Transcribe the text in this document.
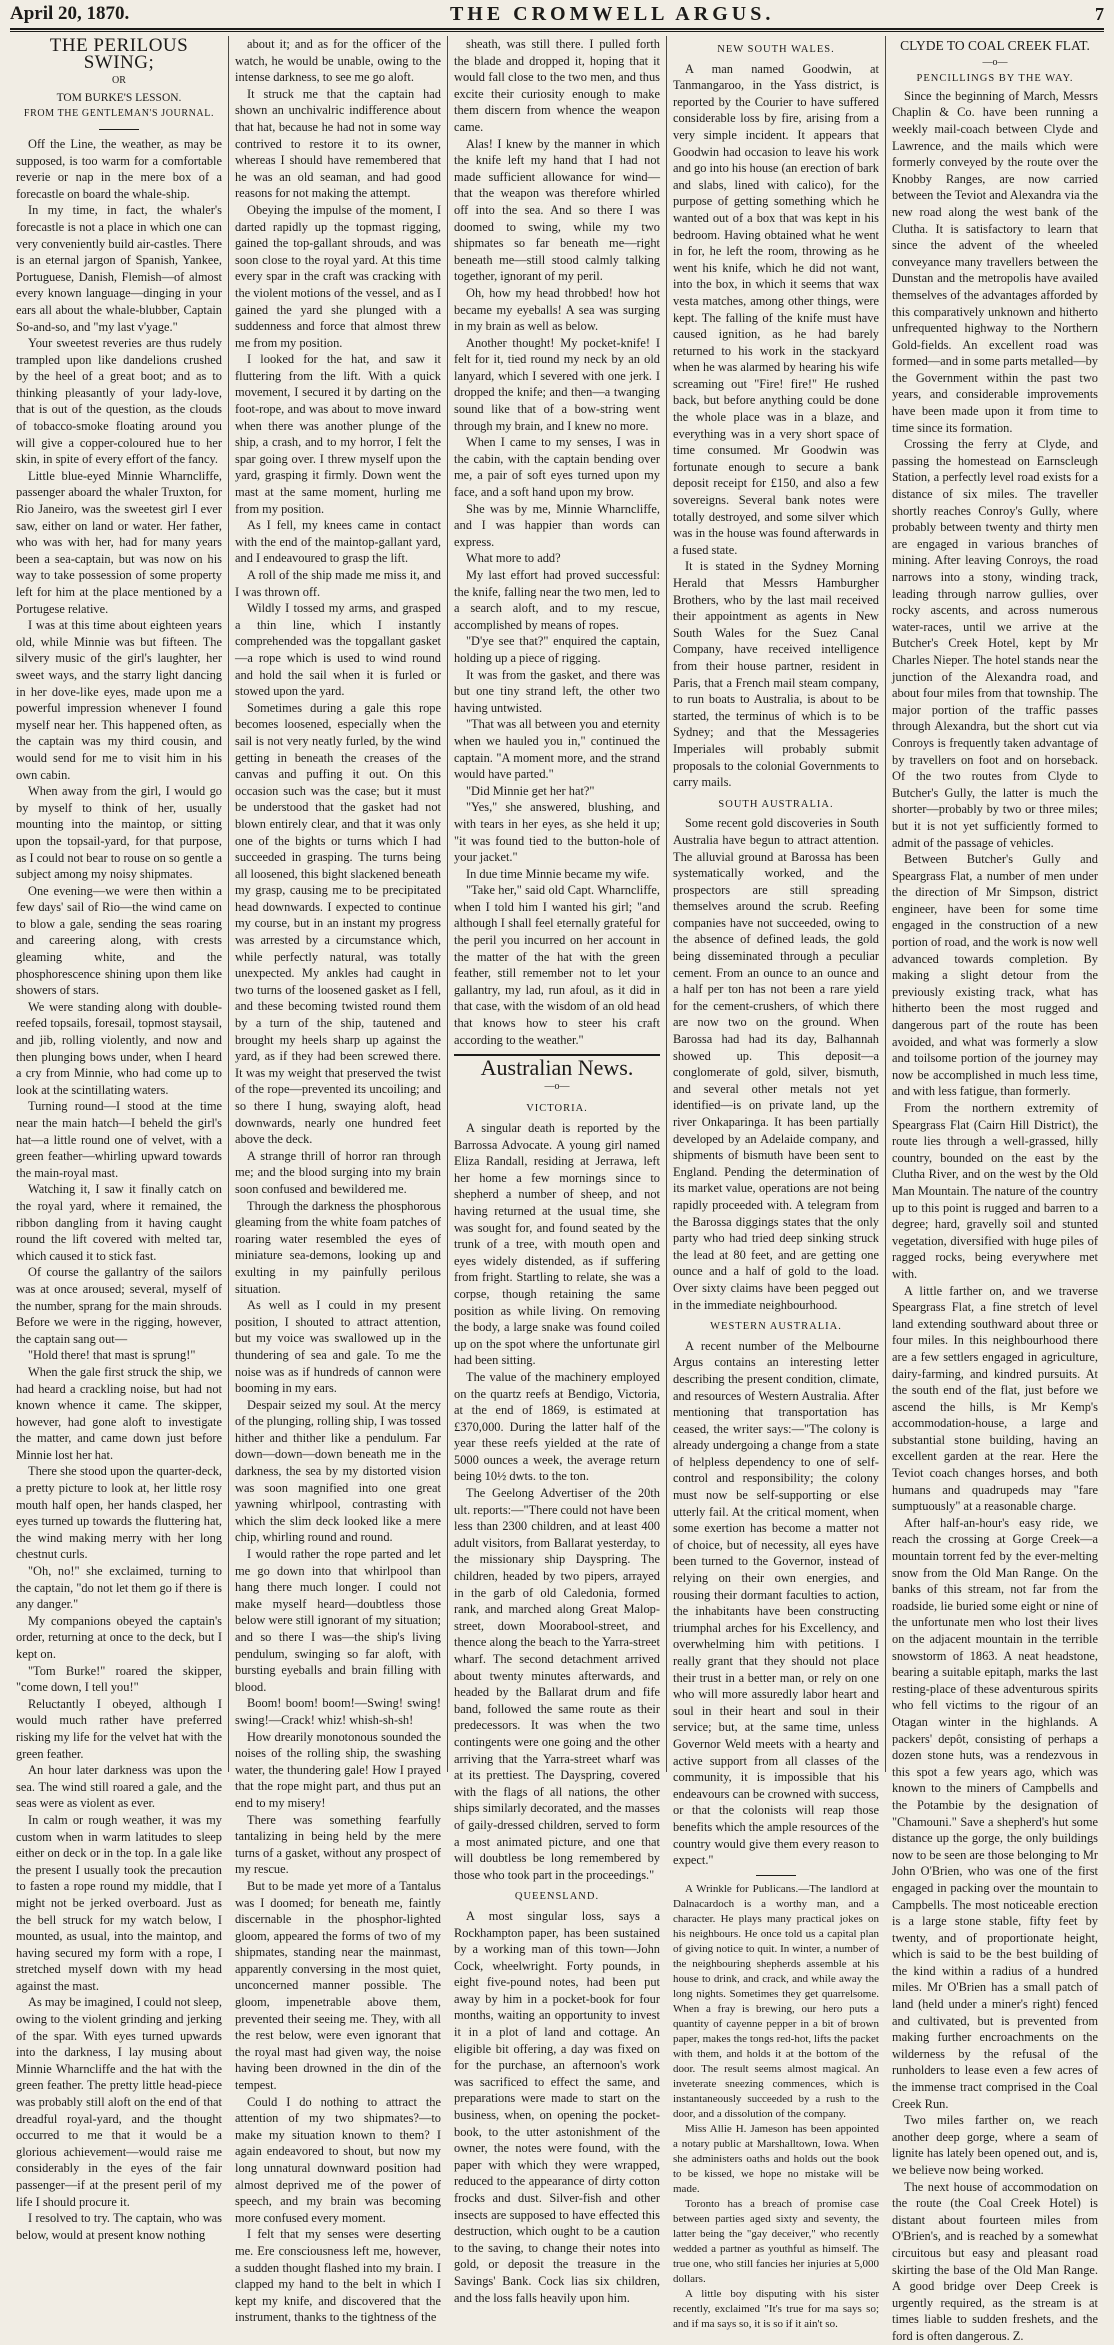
April 20, 1870.	THE CROMWELL ARGUS.	7
THE PERILOUS SWING;

OR

TOM BURKE'S LESSON.

FROM THE GENTLEMAN'S JOURNAL.

Off the Line, the weather, as may be supposed, is too warm for a comfortable reverie or nap in the mere box of a forecastle on board the whale-ship.

In my time, in fact, the whaler's forecastle is not a place in which one can very conveniently build air-castles. There is an eternal jargon of Spanish, Yankee, Portuguese, Danish, Flemish—of almost every known language—dinging in your ears all about the whale-blubber, Captain So-and-so, and "my last v'yage."

Your sweetest reveries are thus rudely trampled upon like dandelions crushed by the heel of a great boot; and as to thinking pleasantly of your lady-love, that is out of the question, as the clouds of tobacco-smoke floating around you will give a copper-coloured hue to her skin, in spite of every effort of the fancy.

Little blue-eyed Minnie Wharncliffe, passenger aboard the whaler Truxton, for Rio Janeiro, was the sweetest girl I ever saw, either on land or water. Her father, who was with her, had for many years been a sea-captain, but was now on his way to take possession of some property left for him at the place mentioned by a Portugese relative.

I was at this time about eighteen years old, while Minnie was but fifteen. The silvery music of the girl's laughter, her sweet ways, and the starry light dancing in her dove-like eyes, made upon me a powerful impression whenever I found myself near her. This happened often, as the captain was my third cousin, and would send for me to visit him in his own cabin.

When away from the girl, I would go by myself to think of her, usually mounting into the maintop, or sitting upon the topsail-yard, for that purpose, as I could not bear to rouse on so gentle a subject among my noisy shipmates.

One evening—we were then within a few days' sail of Rio—the wind came on to blow a gale, sending the seas roaring and careering along, with crests gleaming white, and the phosphorescence shining upon them like showers of stars.

We were standing along with double-reefed topsails, foresail, topmost staysail, and jib, rolling violently, and now and then plunging bows under, when I heard a cry from Minnie, who had come up to look at the scintillating waters.

Turning round—I stood at the time near the main hatch—I beheld the girl's hat—a little round one of velvet, with a green feather—whirling upward towards the main-royal mast.

Watching it, I saw it finally catch on the royal yard, where it remained, the ribbon dangling from it having caught round the lift covered with melted tar, which caused it to stick fast.

Of course the gallantry of the sailors was at once aroused; several, myself of the number, sprang for the main shrouds. Before we were in the rigging, however, the captain sang out—

"Hold there! that mast is sprung!"

When the gale first struck the ship, we had heard a crackling noise, but had not known whence it came. The skipper, however, had gone aloft to investigate the matter, and came down just before Minnie lost her hat.

There she stood upon the quarter-deck, a pretty picture to look at, her little rosy mouth half open, her hands clasped, her eyes turned up towards the fluttering hat, the wind making merry with her long chestnut curls.

"Oh, no!" she exclaimed, turning to the captain, "do not let them go if there is any danger."

My companions obeyed the captain's order, returning at once to the deck, but I kept on.

"Tom Burke!" roared the skipper, "come down, I tell you!"

Reluctantly I obeyed, although I would much rather have preferred risking my life for the velvet hat with the green feather.

An hour later darkness was upon the sea. The wind still roared a gale, and the seas were as violent as ever.

In calm or rough weather, it was my custom when in warm latitudes to sleep either on deck or in the top. In a gale like the present I usually took the precaution to fasten a rope round my middle, that I might not be jerked overboard. Just as the bell struck for my watch below, I mounted, as usual, into the maintop, and having secured my form with a rope, I stretched myself down with my head against the mast.

As may be imagined, I could not sleep, owing to the violent grinding and jerking of the spar. With eyes turned upwards into the darkness, I lay musing about Minnie Wharncliffe and the hat with the green feather. The pretty little head-piece was probably still aloft on the end of that dreadful royal-yard, and the thought occurred to me that it would be a glorious achievement—would raise me considerably in the eyes of the fair passenger—if at the present peril of my life I should procure it.

I resolved to try. The captain, who was below, would at present know nothing

about it; and as for the officer of the watch, he would be unable, owing to the intense darkness, to see me go aloft.

It struck me that the captain had shown an unchivalric indifference about that hat, because he had not in some way contrived to restore it to its owner, whereas I should have remembered that he was an old seaman, and had good reasons for not making the attempt.

Obeying the impulse of the moment, I darted rapidly up the topmast rigging, gained the top-gallant shrouds, and was soon close to the royal yard. At this time every spar in the craft was cracking with the violent motions of the vessel, and as I gained the yard she plunged with a suddenness and force that almost threw me from my position.

I looked for the hat, and saw it fluttering from the lift. With a quick movement, I secured it by darting on the foot-rope, and was about to move inward when there was another plunge of the ship, a crash, and to my horror, I felt the spar going over. I threw myself upon the yard, grasping it firmly. Down went the mast at the same moment, hurling me from my position.

As I fell, my knees came in contact with the end of the maintop-gallant yard, and I endeavoured to grasp the lift.

A roll of the ship made me miss it, and I was thrown off.

Wildly I tossed my arms, and grasped a thin line, which I instantly comprehended was the topgallant gasket—a rope which is used to wind round and hold the sail when it is furled or stowed upon the yard.

Sometimes during a gale this rope becomes loosened, especially when the sail is not very neatly furled, by the wind getting in beneath the creases of the canvas and puffing it out. On this occasion such was the case; but it must be understood that the gasket had not blown entirely clear, and that it was only one of the bights or turns which I had succeeded in grasping. The turns being all loosened, this bight slackened beneath my grasp, causing me to be precipitated head downwards. I expected to continue my course, but in an instant my progress was arrested by a circumstance which, while perfectly natural, was totally unexpected. My ankles had caught in two turns of the loosened gasket as I fell, and these becoming twisted round them by a turn of the ship, tautened and brought my heels sharp up against the yard, as if they had been screwed there. It was my weight that preserved the twist of the rope—prevented its uncoiling; and so there I hung, swaying aloft, head downwards, nearly one hundred feet above the deck.

A strange thrill of horror ran through me; and the blood surging into my brain soon confused and bewildered me.

Through the darkness the phosphorous gleaming from the white foam patches of roaring water resembled the eyes of miniature sea-demons, looking up and exulting in my painfully perilous situation.

As well as I could in my present position, I shouted to attract attention, but my voice was swallowed up in the thundering of sea and gale. To me the noise was as if hundreds of cannon were booming in my ears.

Despair seized my soul. At the mercy of the plunging, rolling ship, I was tossed hither and thither like a pendulum. Far down—down—down beneath me in the darkness, the sea by my distorted vision was soon magnified into one great yawning whirlpool, contrasting with which the slim deck looked like a mere chip, whirling round and round.

I would rather the rope parted and let me go down into that whirlpool than hang there much longer. I could not make myself heard—doubtless those below were still ignorant of my situation; and so there I was—the ship's living pendulum, swinging so far aloft, with bursting eyeballs and brain filling with blood.

Boom! boom! boom!—Swing! swing! swing!—Crack! whiz! whish-sh-sh!

How drearily monotonous sounded the noises of the rolling ship, the swashing water, the thundering gale! How I prayed that the rope might part, and thus put an end to my misery!

There was something fearfully tantalizing in being held by the mere turns of a gasket, without any prospect of my rescue.

But to be made yet more of a Tantalus was I doomed; for beneath me, faintly discernable in the phosphor-lighted gloom, appeared the forms of two of my shipmates, standing near the mainmast, apparently conversing in the most quiet, unconcerned manner possible. The gloom, impenetrable above them, prevented their seeing me. They, with all the rest below, were even ignorant that the royal mast had given way, the noise having been drowned in the din of the tempest.

Could I do nothing to attract the attention of my two shipmates?—to make my situation known to them? I again endeavored to shout, but now my long unnatural downward position had almost deprived me of the power of speech, and my brain was becoming more confused every moment.

I felt that my senses were deserting me. Ere consciousness left me, however, a sudden thought flashed into my brain. I clapped my hand to the belt in which I kept my knife, and discovered that the instrument, thanks to the tightness of the

sheath, was still there. I pulled forth the blade and dropped it, hoping that it would fall close to the two men, and thus excite their curiosity enough to make them discern from whence the weapon came.

Alas! I knew by the manner in which the knife left my hand that I had not made sufficient allowance for wind—that the weapon was therefore whirled off into the sea. And so there I was doomed to swing, while my two shipmates so far beneath me—right beneath me—still stood calmly talking together, ignorant of my peril.

Oh, how my head throbbed! how hot became my eyeballs! A sea was surging in my brain as well as below.

Another thought! My pocket-knife! I felt for it, tied round my neck by an old lanyard, which I severed with one jerk. I dropped the knife; and then—a twanging sound like that of a bow-string went through my brain, and I knew no more.

When I came to my senses, I was in the cabin, with the captain bending over me, a pair of soft eyes turned upon my face, and a soft hand upon my brow.

She was by me, Minnie Wharncliffe, and I was happier than words can express.

What more to add?

My last effort had proved successful: the knife, falling near the two men, led to a search aloft, and to my rescue, accomplished by means of ropes.

"D'ye see that?" enquired the captain, holding up a piece of rigging.

It was from the gasket, and there was but one tiny strand left, the other two having untwisted.

"That was all between you and eternity when we hauled you in," continued the captain. "A moment more, and the strand would have parted."

"Did Minnie get her hat?"

"Yes," she answered, blushing, and with tears in her eyes, as she held it up; "it was found tied to the button-hole of your jacket."

In due time Minnie became my wife.

"Take her," said old Capt. Wharncliffe, when I told him I wanted his girl; "and although I shall feel eternally grateful for the peril you incurred on her account in the matter of the hat with the green feather, still remember not to let your gallantry, my lad, run afoul, as it did in that case, with the wisdom of an old head that knows how to steer his craft according to the weather."

Australian News.
—o—
VICTORIA.

A singular death is reported by the Barrossa Advocate. A young girl named Eliza Randall, residing at Jerrawa, left her home a few mornings since to shepherd a number of sheep, and not having returned at the usual time, she was sought for, and found seated by the trunk of a tree, with mouth open and eyes widely distended, as if suffering from fright. Startling to relate, she was a corpse, though retaining the same position as while living. On removing the body, a large snake was found coiled up on the spot where the unfortunate girl had been sitting.

The value of the machinery employed on the quartz reefs at Bendigo, Victoria, at the end of 1869, is estimated at £370,000. During the latter half of the year these reefs yielded at the rate of 5000 ounces a week, the average return being 10½ dwts. to the ton.

The Geelong Advertiser of the 20th ult. reports:—"There could not have been less than 2300 children, and at least 400 adult visitors, from Ballarat yesterday, to the missionary ship Dayspring. The children, headed by two pipers, arrayed in the garb of old Caledonia, formed rank, and marched along Great Malop-street, down Moorabool-street, and thence along the beach to the Yarra-street wharf. The second detachment arrived about twenty minutes afterwards, and headed by the Ballarat drum and fife band, followed the same route as their predecessors. It was when the two contingents were one going and the other arriving that the Yarra-street wharf was at its prettiest. The Dayspring, covered with the flags of all nations, the other ships similarly decorated, and the masses of gaily-dressed children, served to form a most animated picture, and one that will doubtless be long remembered by those who took part in the proceedings."

QUEENSLAND.

A most singular loss, says a Rockhampton paper, has been sustained by a working man of this town—John Cock, wheelwright. Forty pounds, in eight five-pound notes, had been put away by him in a pocket-book for four months, waiting an opportunity to invest it in a plot of land and cottage. An eligible bit offering, a day was fixed on for the purchase, an afternoon's work was sacrificed to effect the same, and preparations were made to start on the business, when, on opening the pocket-book, to the utter astonishment of the owner, the notes were found, with the paper with which they were wrapped, reduced to the appearance of dirty cotton frocks and dust. Silver-fish and other insects are supposed to have effected this destruction, which ought to be a caution to the saving, to change their notes into gold, or deposit the treasure in the Savings' Bank. Cock lias six children, and the loss falls heavily upon him.

NEW SOUTH WALES.

A man named Goodwin, at Tanmangaroo, in the Yass district, is reported by the Courier to have suffered considerable loss by fire, arising from a very simple incident. It appears that Goodwin had occasion to leave his work and go into his house (an erection of bark and slabs, lined with calico), for the purpose of getting something which he wanted out of a box that was kept in his bedroom. Having obtained what he went in for, he left the room, throwing as he went his knife, which he did not want, into the box, in which it seems that wax vesta matches, among other things, were kept. The falling of the knife must have caused ignition, as he had barely returned to his work in the stackyard when he was alarmed by hearing his wife screaming out "Fire! fire!" He rushed back, but before anything could be done the whole place was in a blaze, and everything was in a very short space of time consumed. Mr Goodwin was fortunate enough to secure a bank deposit receipt for £150, and also a few sovereigns. Several bank notes were totally destroyed, and some silver which was in the house was found afterwards in a fused state.

It is stated in the Sydney Morning Herald that Messrs Hamburgher Brothers, who by the last mail received their appointment as agents in New South Wales for the Suez Canal Company, have received intelligence from their house partner, resident in Paris, that a French mail steam company, to run boats to Australia, is about to be started, the terminus of which is to be Sydney; and that the Messageries Imperiales will probably submit proposals to the colonial Governments to carry mails.

SOUTH AUSTRALIA.

Some recent gold discoveries in South Australia have begun to attract attention. The alluvial ground at Barossa has been systematically worked, and the prospectors are still spreading themselves around the scrub. Reefing companies have not succeeded, owing to the absence of defined leads, the gold being disseminated through a peculiar cement. From an ounce to an ounce and a half per ton has not been a rare yield for the cement-crushers, of which there are now two on the ground. When Barossa had had its day, Balhannah showed up. This deposit—a conglomerate of gold, silver, bismuth, and several other metals not yet identified—is on private land, up the river Onkaparinga. It has been partially developed by an Adelaide company, and shipments of bismuth have been sent to England. Pending the determination of its market value, operations are not being rapidly proceeded with. A telegram from the Barossa diggings states that the only party who had tried deep sinking struck the lead at 80 feet, and are getting one ounce and a half of gold to the load. Over sixty claims have been pegged out in the immediate neighbourhood.

WESTERN AUSTRALIA.

A recent number of the Melbourne Argus contains an interesting letter describing the present condition, climate, and resources of Western Australia. After mentioning that transportation has ceased, the writer says:—"The colony is already undergoing a change from a state of helpless dependency to one of self-control and responsibility; the colony must now be self-supporting or else utterly fail. At the critical moment, when some exertion has become a matter not of choice, but of necessity, all eyes have been turned to the Governor, instead of relying on their own energies, and rousing their dormant faculties to action, the inhabitants have been constructing triumphal arches for his Excellency, and overwhelming him with petitions. I really grant that they should not place their trust in a better man, or rely on one who will more assuredly labor heart and soul in their heart and soul in their service; but, at the same time, unless Governor Weld meets with a hearty and active support from all classes of the community, it is impossible that his endeavours can be crowned with success, or that the colonists will reap those benefits which the ample resources of the country would give them every reason to expect."

A Wrinkle for Publicans.—The landlord at Dalnacardoch is a worthy man, and a character. He plays many practical jokes on his neighbours. He once told us a capital plan of giving notice to quit. In winter, a number of the neighbouring shepherds assemble at his house to drink, and crack, and while away the long nights. Sometimes they get quarrelsome. When a fray is brewing, our hero puts a quantity of cayenne pepper in a bit of brown paper, makes the tongs red-hot, lifts the packet with them, and holds it at the bottom of the door. The result seems almost magical. An inveterate sneezing commences, which is instantaneously succeeded by a rush to the door, and a dissolution of the company.

Miss Allie H. Jameson has been appointed a notary public at Marshalltown, Iowa. When she administers oaths and holds out the book to be kissed, we hope no mistake will be made.

Toronto has a breach of promise case between parties aged sixty and seventy, the latter being the "gay deceiver," who recently wedded a partner as youthful as himself. The true one, who still fancies her injuries at 5,000 dollars.

A little boy disputing with his sister recently, exclaimed "It's true for ma says so; and if ma says so, it is so if it ain't so.

CLYDE TO COAL CREEK FLAT.
—o—
PENCILLINGS BY THE WAY.

Since the beginning of March, Messrs Chaplin & Co. have been running a weekly mail-coach between Clyde and Lawrence, and the mails which were formerly conveyed by the route over the Knobby Ranges, are now carried between the Teviot and Alexandra via the new road along the west bank of the Clutha. It is satisfactory to learn that since the advent of the wheeled conveyance many travellers between the Dunstan and the metropolis have availed themselves of the advantages afforded by this comparatively unknown and hitherto unfrequented highway to the Northern Gold-fields. An excellent road was formed—and in some parts metalled—by the Government within the past two years, and considerable improvements have been made upon it from time to time since its formation.

Crossing the ferry at Clyde, and passing the homestead on Earnscleugh Station, a perfectly level road exists for a distance of six miles. The traveller shortly reaches Conroy's Gully, where probably between twenty and thirty men are engaged in various branches of mining. After leaving Conroys, the road narrows into a stony, winding track, leading through narrow gullies, over rocky ascents, and across numerous water-races, until we arrive at the Butcher's Creek Hotel, kept by Mr Charles Nieper. The hotel stands near the junction of the Alexandra road, and about four miles from that township. The major portion of the traffic passes through Alexandra, but the short cut via Conroys is frequently taken advantage of by travellers on foot and on horseback. Of the two routes from Clyde to Butcher's Gully, the latter is much the shorter—probably by two or three miles; but it is not yet sufficiently formed to admit of the passage of vehicles.

Between Butcher's Gully and Speargrass Flat, a number of men under the direction of Mr Simpson, district engineer, have been for some time engaged in the construction of a new portion of road, and the work is now well advanced towards completion. By making a slight detour from the previously existing track, what has hitherto been the most rugged and dangerous part of the route has been avoided, and what was formerly a slow and toilsome portion of the journey may now be accomplished in much less time, and with less fatigue, than formerly.

From the northern extremity of Speargrass Flat (Cairn Hill District), the route lies through a well-grassed, hilly country, bounded on the east by the Clutha River, and on the west by the Old Man Mountain. The nature of the country up to this point is rugged and barren to a degree; hard, gravelly soil and stunted vegetation, diversified with huge piles of ragged rocks, being everywhere met with.

A little farther on, and we traverse Speargrass Flat, a fine stretch of level land extending southward about three or four miles. In this neighbourhood there are a few settlers engaged in agriculture, dairy-farming, and kindred pursuits. At the south end of the flat, just before we ascend the hills, is Mr Kemp's accommodation-house, a large and substantial stone building, having an excellent garden at the rear. Here the Teviot coach changes horses, and both humans and quadrupeds may "fare sumptuously" at a reasonable charge.

After half-an-hour's easy ride, we reach the crossing at Gorge Creek—a mountain torrent fed by the ever-melting snow from the Old Man Range. On the banks of this stream, not far from the roadside, lie buried some eight or nine of the unfortunate men who lost their lives on the adjacent mountain in the terrible snowstorm of 1863. A neat headstone, bearing a suitable epitaph, marks the last resting-place of these adventurous spirits who fell victims to the rigour of an Otagan winter in the highlands. A packers' depôt, consisting of perhaps a dozen stone huts, was a rendezvous in this spot a few years ago, which was known to the miners of Campbells and the Potambie by the designation of "Chamouni." Save a shepherd's hut some distance up the gorge, the only buildings now to be seen are those belonging to Mr John O'Brien, who was one of the first engaged in packing over the mountain to Campbells. The most noticeable erection is a large stone stable, fifty feet by twenty, and of proportionate height, which is said to be the best building of the kind within a radius of a hundred miles. Mr O'Brien has a small patch of land (held under a miner's right) fenced and cultivated, but is prevented from making further encroachments on the wilderness by the refusal of the runholders to lease even a few acres of the immense tract comprised in the Coal Creek Run.

Two miles farther on, we reach another deep gorge, where a seam of lignite has lately been opened out, and is, we believe now being worked.

The next house of accommodation on the route (the Coal Creek Hotel) is distant about fourteen miles from O'Brien's, and is reached by a somewhat circuitous but easy and pleasant road skirting the base of the Old Man Range. A good bridge over Deep Creek is urgently required, as the stream is at times liable to sudden freshets, and the ford is often dangerous. Z.
